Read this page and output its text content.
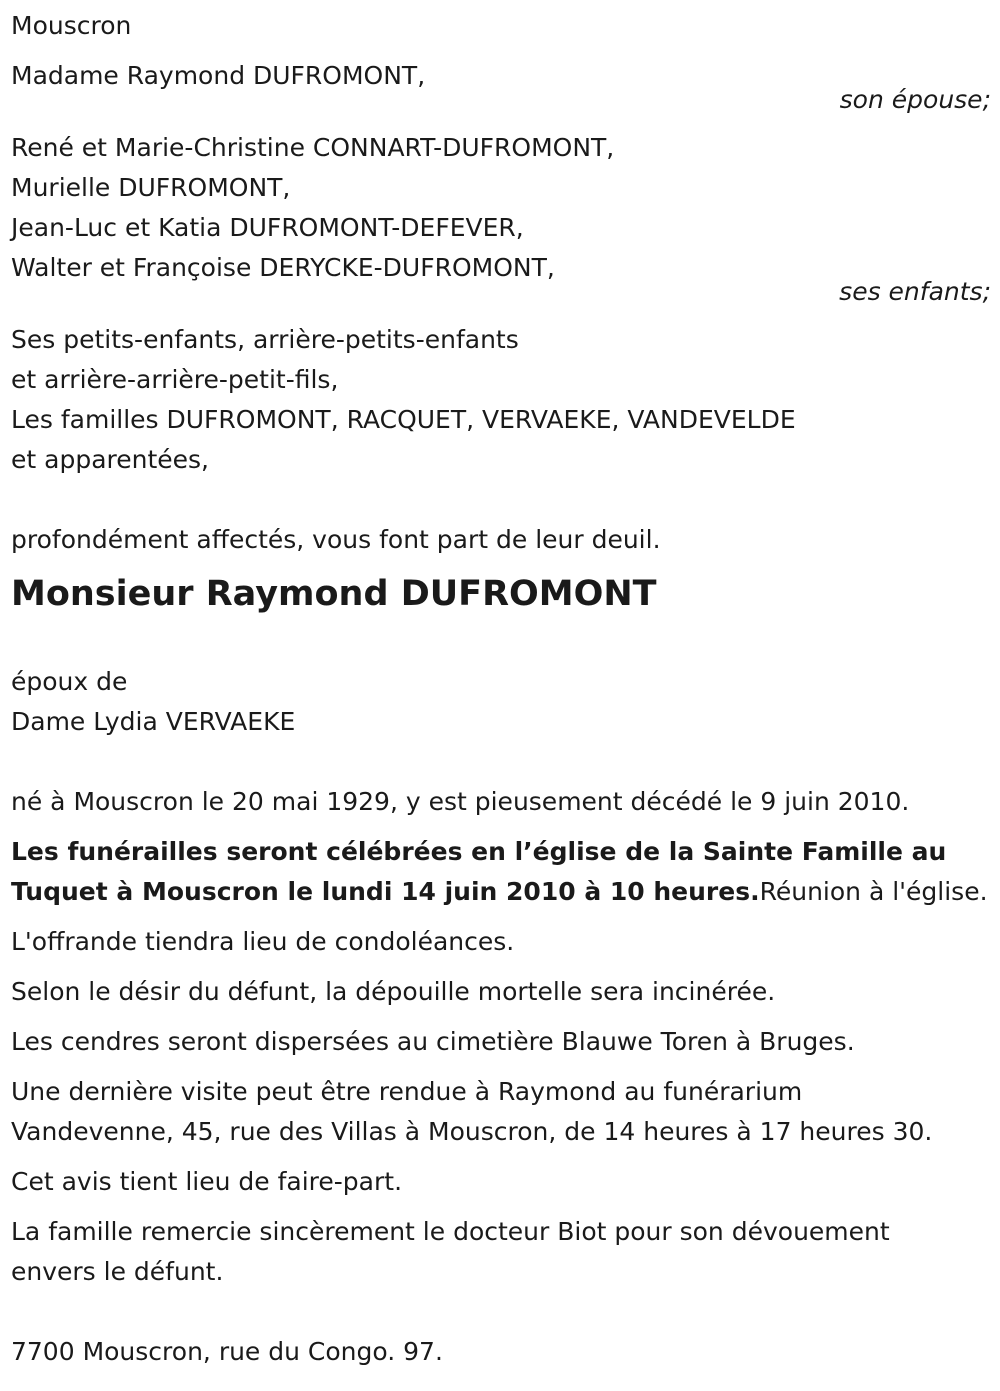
Mouscron
Madame Raymond DUFROMONT,
son épouse;
René et Marie-Christine CONNART-DUFROMONT,
Murielle DUFROMONT,
Jean-Luc et Katia DUFROMONT-DEFEVER,
Walter et Françoise DERYCKE-DUFROMONT,
ses enfants;
Ses petits-enfants, arrière-petits-enfants
et arrière-arrière-petit-fils,
Les familles DUFROMONT, RACQUET, VERVAEKE, VANDEVELDE
et apparentées,
profondément affectés, vous font part de leur deuil.
Monsieur Raymond DUFROMONT
époux de
Dame Lydia VERVAEKE
né à Mouscron le 20 mai 1929, y est pieusement décédé le 9 juin 2010.
Les funérailles seront célébrées en l’église de la Sainte Famille au
Tuquet à Mouscron le lundi 14 juin 2010 à 10 heures.Réunion à l'église.
L'offrande tiendra lieu de condoléances.
Selon le désir du défunt, la dépouille mortelle sera incinérée.
Les cendres seront dispersées au cimetière Blauwe Toren à Bruges.
Une dernière visite peut être rendue à Raymond au funérarium
Vandevenne, 45, rue des Villas à Mouscron, de 14 heures à 17 heures 30.
Cet avis tient lieu de faire-part.
La famille remercie sincèrement le docteur Biot pour son dévouement
envers le défunt.
7700 Mouscron, rue du Congo. 97.
